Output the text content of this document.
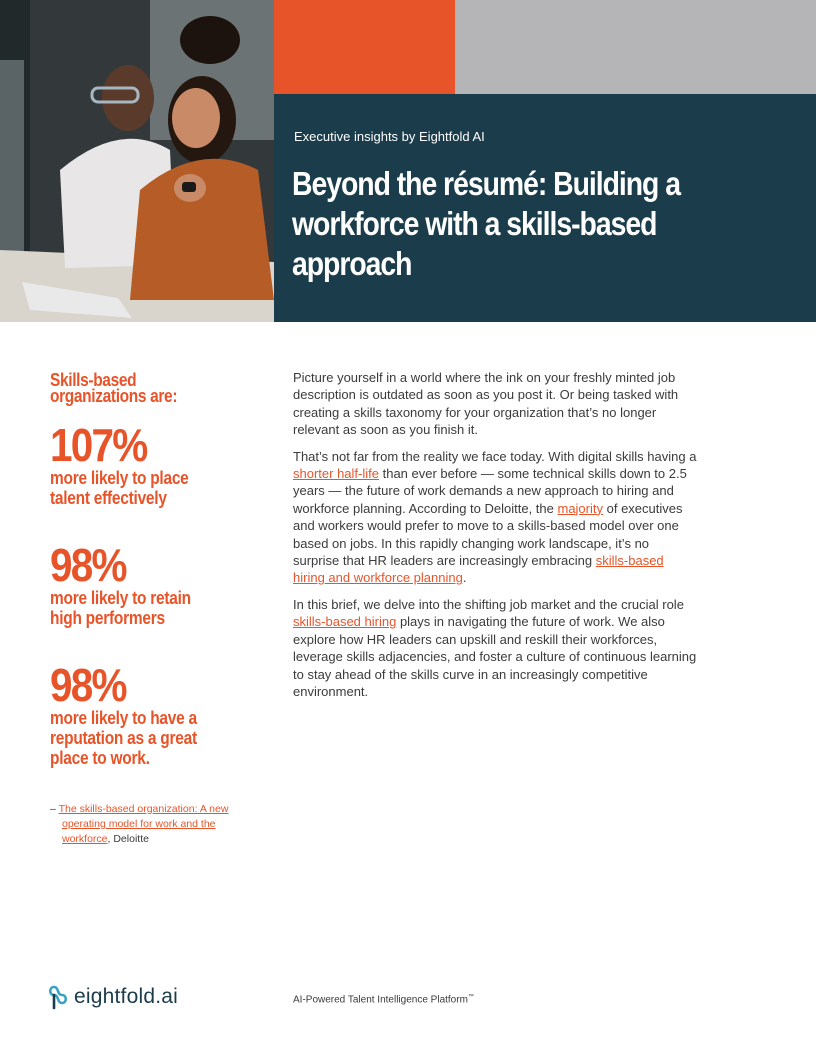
Executive insights by Eightfold AI
Beyond the résumé: Building a
workforce with a skills-based
approach
Skills-based
organizations are:
107%
more likely to place
talent effectively
98%
more likely to retain
high performers
98%
more likely to have a
reputation as a great
place to work.
– The skills-based organization: A new
operating model for work and the
workforce, Deloitte

Picture yourself in a world where the ink on your freshly minted job description is outdated as soon as you post it. Or being tasked with creating a skills taxonomy for your organization that’s no longer relevant as soon as you finish it.

That’s not far from the reality we face today. With digital skills having a shorter half-life than ever before — some technical skills down to 2.5 years — the future of work demands a new approach to hiring and workforce planning. According to Deloitte, the majority of executives and workers would prefer to move to a skills-based model over one based on jobs. In this rapidly changing work landscape, it’s no surprise that HR leaders are increasingly embracing skills-based hiring and workforce planning.

In this brief, we delve into the shifting job market and the crucial role skills-based hiring plays in navigating the future of work. We also explore how HR leaders can upskill and reskill their workforces, leverage skills adjacencies, and foster a culture of continuous learning to stay ahead of the skills curve in an increasingly competitive environment.

eightfold.ai	AI-Powered Talent Intelligence Platform™
